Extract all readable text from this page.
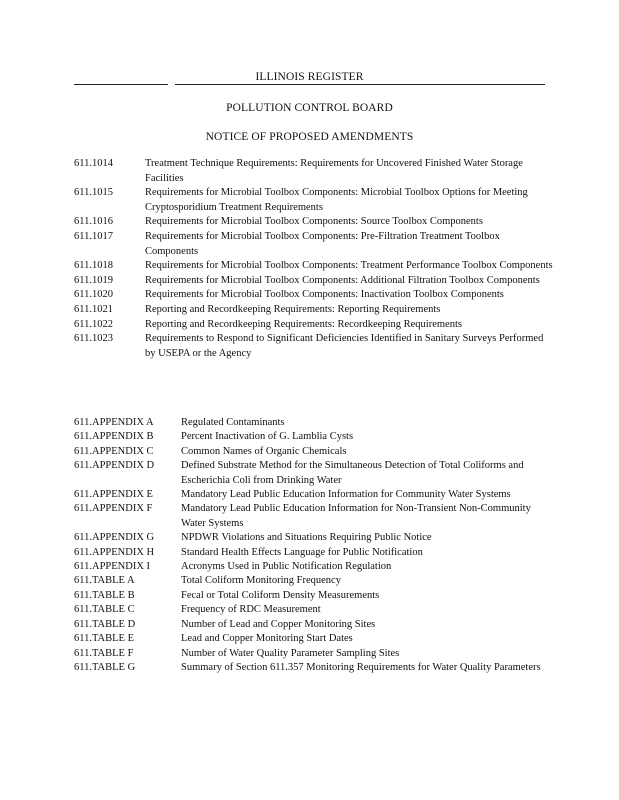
ILLINOIS REGISTER
POLLUTION CONTROL BOARD
NOTICE OF PROPOSED AMENDMENTS
611.1014	Treatment Technique Requirements: Requirements for Uncovered Finished Water Storage Facilities
611.1015	Requirements for Microbial Toolbox Components: Microbial Toolbox Options for Meeting Cryptosporidium Treatment Requirements
611.1016	Requirements for Microbial Toolbox Components: Source Toolbox Components
611.1017	Requirements for Microbial Toolbox Components: Pre-Filtration Treatment Toolbox Components
611.1018	Requirements for Microbial Toolbox Components: Treatment Performance Toolbox Components
611.1019	Requirements for Microbial Toolbox Components: Additional Filtration Toolbox Components
611.1020	Requirements for Microbial Toolbox Components: Inactivation Toolbox Components
611.1021	Reporting and Recordkeeping Requirements: Reporting Requirements
611.1022	Reporting and Recordkeeping Requirements: Recordkeeping Requirements
611.1023	Requirements to Respond to Significant Deficiencies Identified in Sanitary Surveys Performed by USEPA or the Agency
611.APPENDIX A	Regulated Contaminants
611.APPENDIX B	Percent Inactivation of G. Lamblia Cysts
611.APPENDIX C	Common Names of Organic Chemicals
611.APPENDIX D	Defined Substrate Method for the Simultaneous Detection of Total Coliforms and Escherichia Coli from Drinking Water
611.APPENDIX E	Mandatory Lead Public Education Information for Community Water Systems
611.APPENDIX F	Mandatory Lead Public Education Information for Non-Transient Non-Community Water Systems
611.APPENDIX G	NPDWR Violations and Situations Requiring Public Notice
611.APPENDIX H	Standard Health Effects Language for Public Notification
611.APPENDIX I	Acronyms Used in Public Notification Regulation
611.TABLE A	Total Coliform Monitoring Frequency
611.TABLE B	Fecal or Total Coliform Density Measurements
611.TABLE C	Frequency of RDC Measurement
611.TABLE D	Number of Lead and Copper Monitoring Sites
611.TABLE E	Lead and Copper Monitoring Start Dates
611.TABLE F	Number of Water Quality Parameter Sampling Sites
611.TABLE G	Summary of Section 611.357 Monitoring Requirements for Water Quality Parameters
